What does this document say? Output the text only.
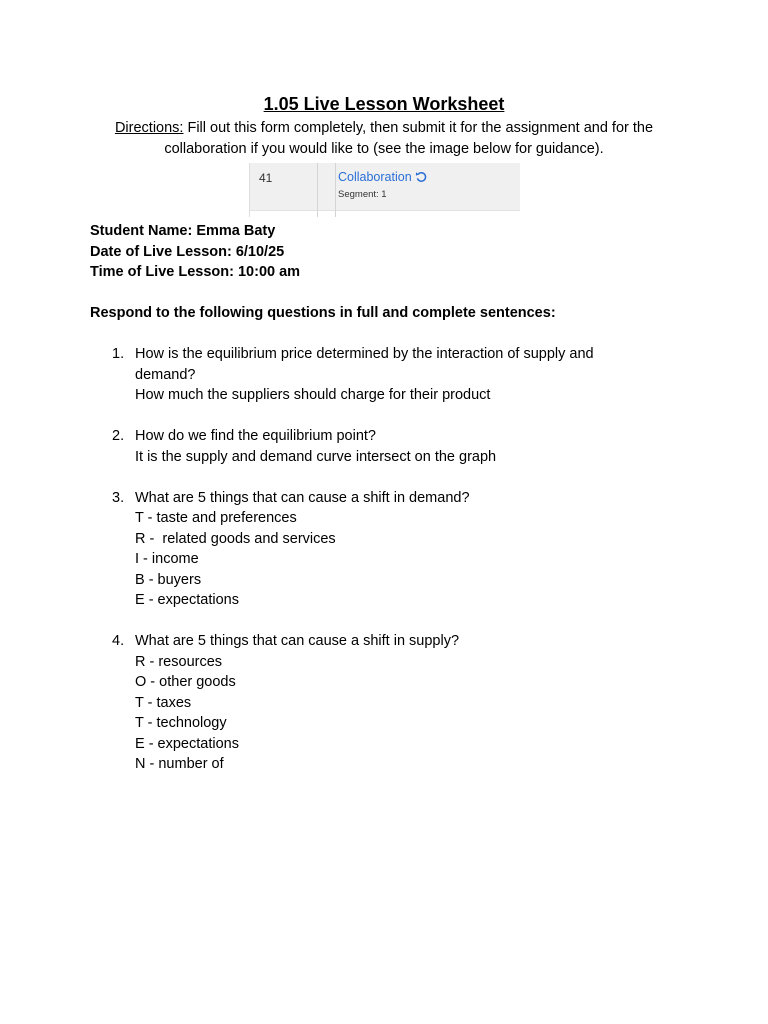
1.05 Live Lesson Worksheet
Directions: Fill out this form completely, then submit it for the assignment and for the
collaboration if you would like to (see the image below for guidance).
41	Collaboration
Segment: 1
Student Name: Emma Baty
Date of Live Lesson: 6/10/25
Time of Live Lesson: 10:00 am
Respond to the following questions in full and complete sentences:
1. How is the equilibrium price determined by the interaction of supply and
demand?
How much the suppliers should charge for their product
2. How do we find the equilibrium point?
It is the supply and demand curve intersect on the graph
3. What are 5 things that can cause a shift in demand?
T - taste and preferences
R -  related goods and services
I - income
B - buyers
E - expectations
4. What are 5 things that can cause a shift in supply?
R - resources
O - other goods
T - taxes
T - technology
E - expectations
N - number of
